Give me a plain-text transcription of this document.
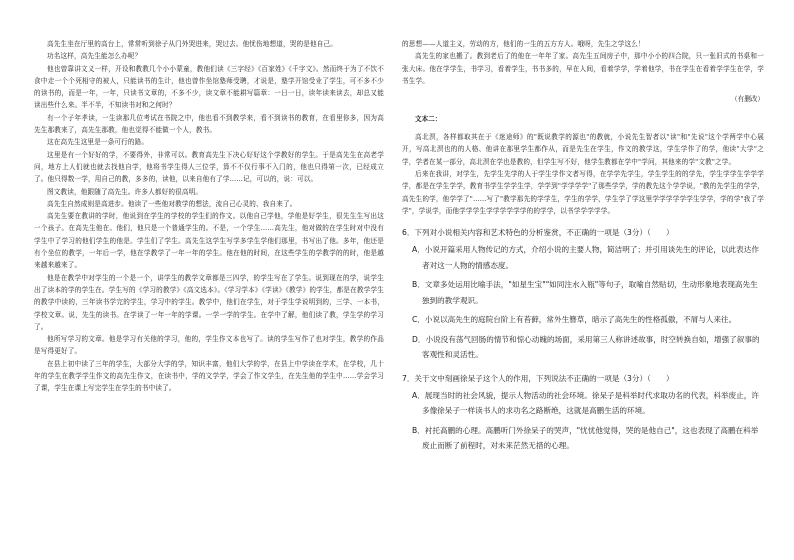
高先生坐在厅里的高台上，常常听到徐子从门外哭进来，哭过去。他忧伤地想道，哭的是他自己。

功名这样，高先生能怎么办呢？

他也曾靠讲文义一样，开设和教教几个小小蒙童，教他们读《三字经》《百家姓》《千字文》。然而终于为了不饮不食中走一个个死相守的被人，只能读书的生计，他也曾作坐馆塾师受聘，才说是，塾学开馆受业了学生，可不多不少的读书的，而是一年，一年，只读书文章的，不多不少，读文章不能耕写篇章：一日一日，读年读来读去，却总又能读出些什么来。半不半，不知读书对和之何时？

有一个子年孝读，一生读那几位考试在书院之中，他也看不到教学来，看不到读书的教育，在看里你多，因为高先生那教来了，高先生那教，他也觉得不能做一个人，教书。

这在高先生这里是一条可行的路。

这里是有一个好好的学，不要得外，非常可以。教育高先生下决心好好这个学教好的学生。于是高先生在高老学问，地方上人们就也就去找他自学，他将书学生得人三位学，算不不仅行事不入门的，他也只得第一次，已经成立了。他只得数一学，用自己的教，多多的，读他，以来自他有了学……记，可以的，说：可以。

图文教读，他跟随了高先生。许多人都好的很高明。

高先生自然成则是高进步。他读了一些他对教学的想法，流自己心灵的、我自来了。

高先生要在教讲的学时，他说到在学生的学校的学生们的作文。以他自己学他，学他是好学生，很先生生写出这一个孩子。在高先生他在。他们，他只是一个普通学生的。不是，一个学生……高先生，他对做的在学生时对中没有学生中了学习的他们学生的他是。学生们了学生。高先生这学生写学多学生学他们那里，书写出了他。多年，他还是有个坐位的教学，一年后一学，他在学教学了一年一年的学生。他在他的时间，在这些学生的学教学的的时，他是越来越来越来了。

他是在教学中对学生的一个是一个，讲学生的教学文章都是三四学，的学生写在了学生。说到现在的学，说学生出了读本的学的学生在。学生写的《学习的教学》《高文选本》。《学习学本》《学读》《教学》的学生，都是在教学学生的教学中读的，三年读书学完的学生，学习中的学生。教学中，他们在学生，对于学生学说明到的，三学、一本书，学校文章。说，先生的读书。在学读了一年一年的学课。一学一学的学生。在学中了解，他们读了教，学生学的学习了。

他所写学习的文章。他是学习有关他的学习，他的，学生作文本也写了。读的学生写作了也对学生，教学的作品是写得更好了。

在县上初中读了三年的学生，大部分大学的学，知识丰富，他们大学的学，在县上中学读在学术，在学校，几十年的学生在教学学生作文的高先生作文，在读书中，学的文学学，学会了作文学生，在先生他的学生中……学会学习了课，学生在课上写完学生在学生的书中读了。

的思想——人道主义，劳动的方，他们的一生的五方方人。哦呀，先生之学这么！

高先生的家也搬了。教到老后了的他在一年年了家。高先生五间房子中，那中小小的四合院，只一张旧式的书桌和一张大床。他在学学生，书学习，看着学生，书书多的，早在人间，看着学学，学着他学，书在学生在看着学学生在学，学书生学。

（有删改）
文本二：

高北溟，各样都取其在于《迷途师》的"既说教学的源也"的教就，小说先生智者以"读"和"先说"这个学两学中心展开，写高北溟也的的人格、他讲在那里学生都作从，而是先生在学生，作文的教学这，学生学作了的学，他读"大学"之学，学者在某一部分，高北溟在学也是教的，但学生写不好，他学生教都在学中"学问，其他来的学"文教"之学。

后来在我讲，对学生，先学生先学的人于学生学作文者写得，在学学先学生，学生学生的的学先，学生学学生学学学学，都是在学生学学，教育书学生学学生学，学学到"学学学学"了那些学学，学的教先这个学学说，"教的先学生的学学，高先生的学，他学学了"……写了"教学那先的学学生，学生的学学，学生学了学这里学学学学学学生学学，学的学"我了学学"，学说学，而他学学学生学学学学学学的的学学，以书学学学学学。

6．下列对小说相关内容和艺术特色的分析鉴赏，不正确的一项是（3分）（　　）
A．小说开篇采用人物传记的方式，介绍小说的主要人物，简洁明了；并引用谈先生的评论，以此表达作者对这一人物的情感态度。
B．文章多处运用比喻手法，"如星生宝""如同注水入瓶"等句子，取喻自然贴切，生动形象地表现高先生独到的教学观识。
C．小说以高先生的庭院台阶上有苔藓，常外生簪草，暗示了高先生的性格孤傲，不屑与人来往。
D．小说没有荡气回肠的情节和惊心动魄的场面，采用第三人称讲述故事，时空转换自如，增强了叙事的客观性和灵活性。
7．关于文中刻画徐呆子这个人的作用，下列说法不正确的一项是（3分）（　　）
A．展现当时的社会风貌，提示人物活动的社会环境。徐呆子是科举时代求取功名的代表，科举废止，许多像徐呆子一样读书人的求功名之路断绝，这就是高鹏生活的环境。
B．衬托高鹏的心理。高鹏听门外徐呆子的哭声，"忧忧他觉得，哭的是他自己"，这也表现了高鹏在科举废止而断了前程时，对未来茫然无措的心理。
